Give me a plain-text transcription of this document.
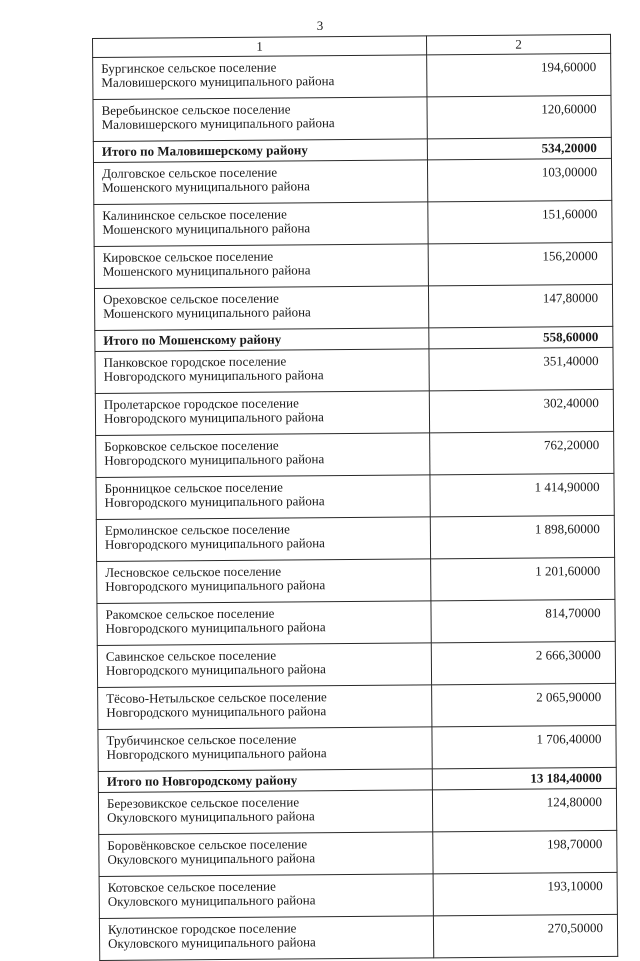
3
1	2

Бургинское сельское поселение
Маловишерского муниципального района	194,60000

Веребьинское сельское поселение
Маловишерского муниципального района	120,60000
Итого по Маловишерскому району	534,20000

Долговское сельское поселение
Мошенского муниципального района	103,00000

Калининское сельское поселение
Мошенского муниципального района	151,60000

Кировское сельское поселение
Мошенского муниципального района	156,20000

Ореховское сельское поселение
Мошенского муниципального района	147,80000
Итого по Мошенскому району	558,60000

Панковское городское поселение
Новгородского муниципального района	351,40000

Пролетарское городское поселение
Новгородского муниципального района	302,40000

Борковское сельское поселение
Новгородского муниципального района	762,20000

Бронницкое сельское поселение
Новгородского муниципального района	1 414,90000

Ермолинское сельское поселение
Новгородского муниципального района	1 898,60000

Лесновское сельское поселение
Новгородского муниципального района	1 201,60000

Ракомское сельское поселение
Новгородского муниципального района	814,70000

Савинское сельское поселение
Новгородского муниципального района	2 666,30000

Тёсово-Нетыльское сельское поселение
Новгородского муниципального района	2 065,90000

Трубичинское сельское поселение
Новгородского муниципального района	1 706,40000
Итого по Новгородскому району	13 184,40000

Березовикское сельское поселение
Окуловского муниципального района	124,80000

Боровёнковское сельское поселение
Окуловского муниципального района	198,70000

Котовское сельское поселение
Окуловского муниципального района	193,10000

Кулотинское городское поселение
Окуловского муниципального района	270,50000
